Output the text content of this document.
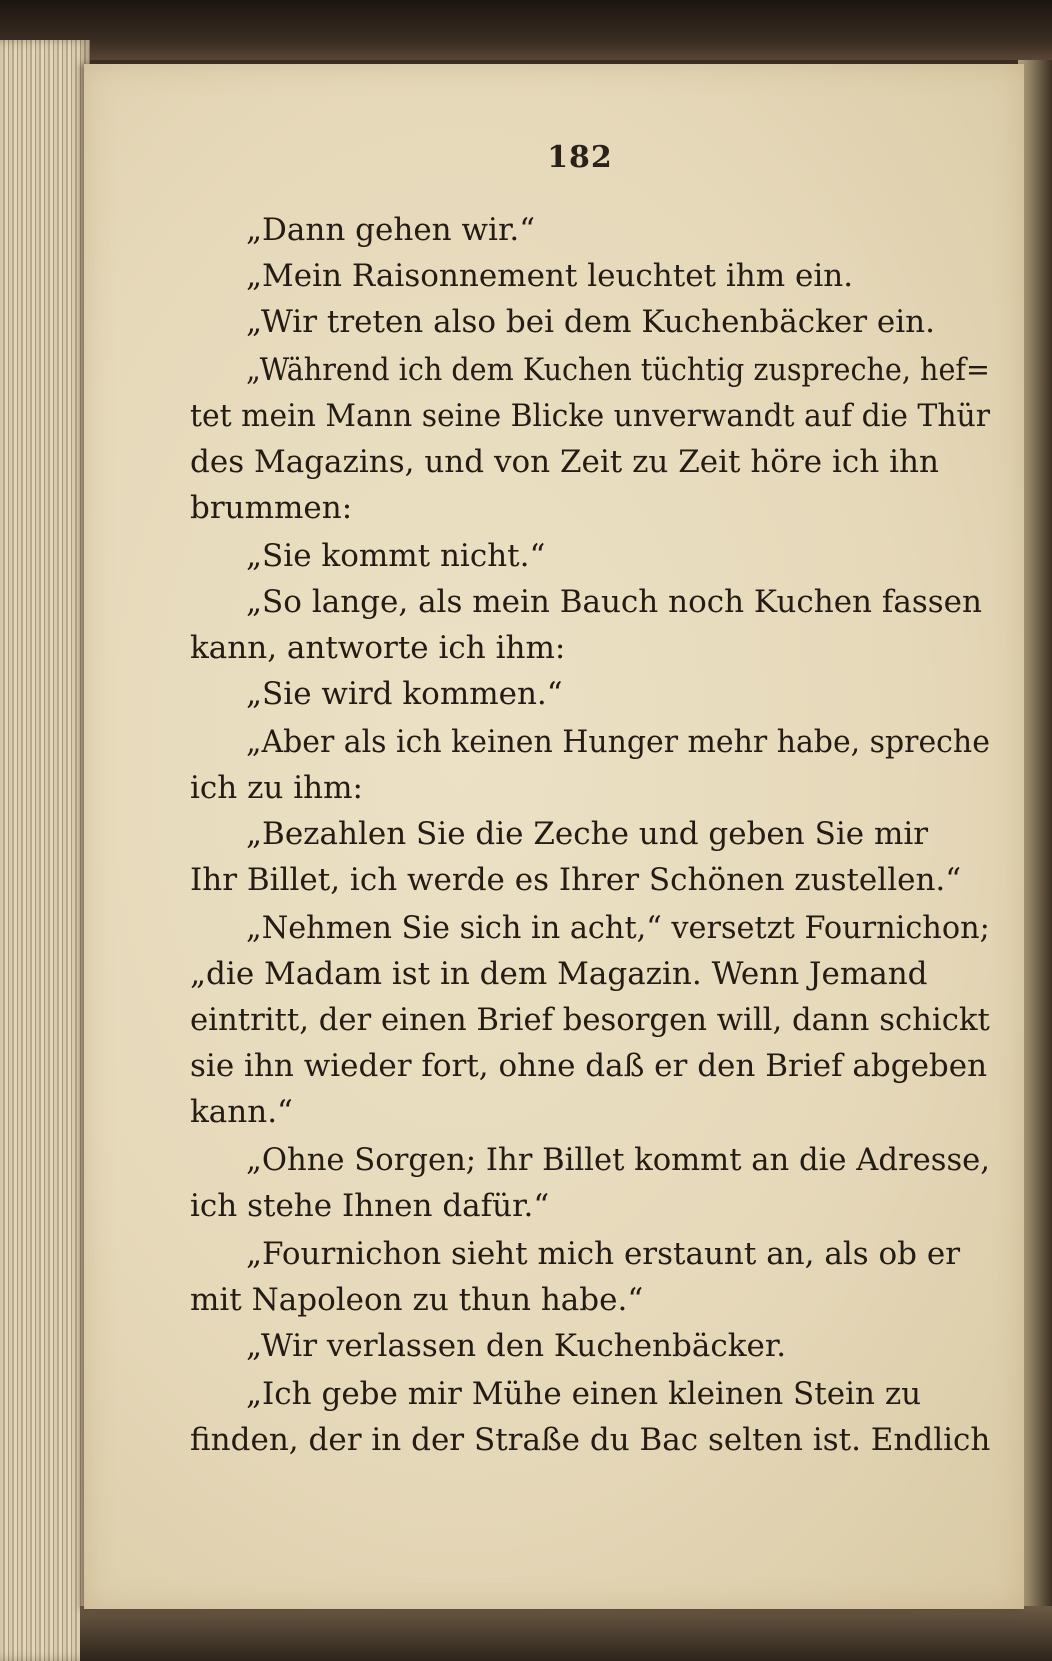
182
„Dann gehen wir.“
„Mein Raisonnement leuchtet ihm ein.
„Wir treten also bei dem Kuchenbäcker ein.
„Während ich dem Kuchen tüchtig zuspreche, hef=
tet mein Mann seine Blicke unverwandt auf die Thür
des Magazins, und von Zeit zu Zeit höre ich ihn
brummen:
„Sie kommt nicht.“
„So lange, als mein Bauch noch Kuchen fassen
kann, antworte ich ihm:
„Sie wird kommen.“
„Aber als ich keinen Hunger mehr habe, spreche
ich zu ihm:
„Bezahlen Sie die Zeche und geben Sie mir
Ihr Billet, ich werde es Ihrer Schönen zustellen.“
„Nehmen Sie sich in acht,“ versetzt Fournichon;
„die Madam ist in dem Magazin. Wenn Jemand
eintritt, der einen Brief besorgen will, dann schickt
sie ihn wieder fort, ohne daß er den Brief abgeben
kann.“
„Ohne Sorgen; Ihr Billet kommt an die Adresse,
ich stehe Ihnen dafür.“
„Fournichon sieht mich erstaunt an, als ob er
mit Napoleon zu thun habe.“
„Wir verlassen den Kuchenbäcker.
„Ich gebe mir Mühe einen kleinen Stein zu
finden, der in der Straße du Bac selten ist. Endlich
